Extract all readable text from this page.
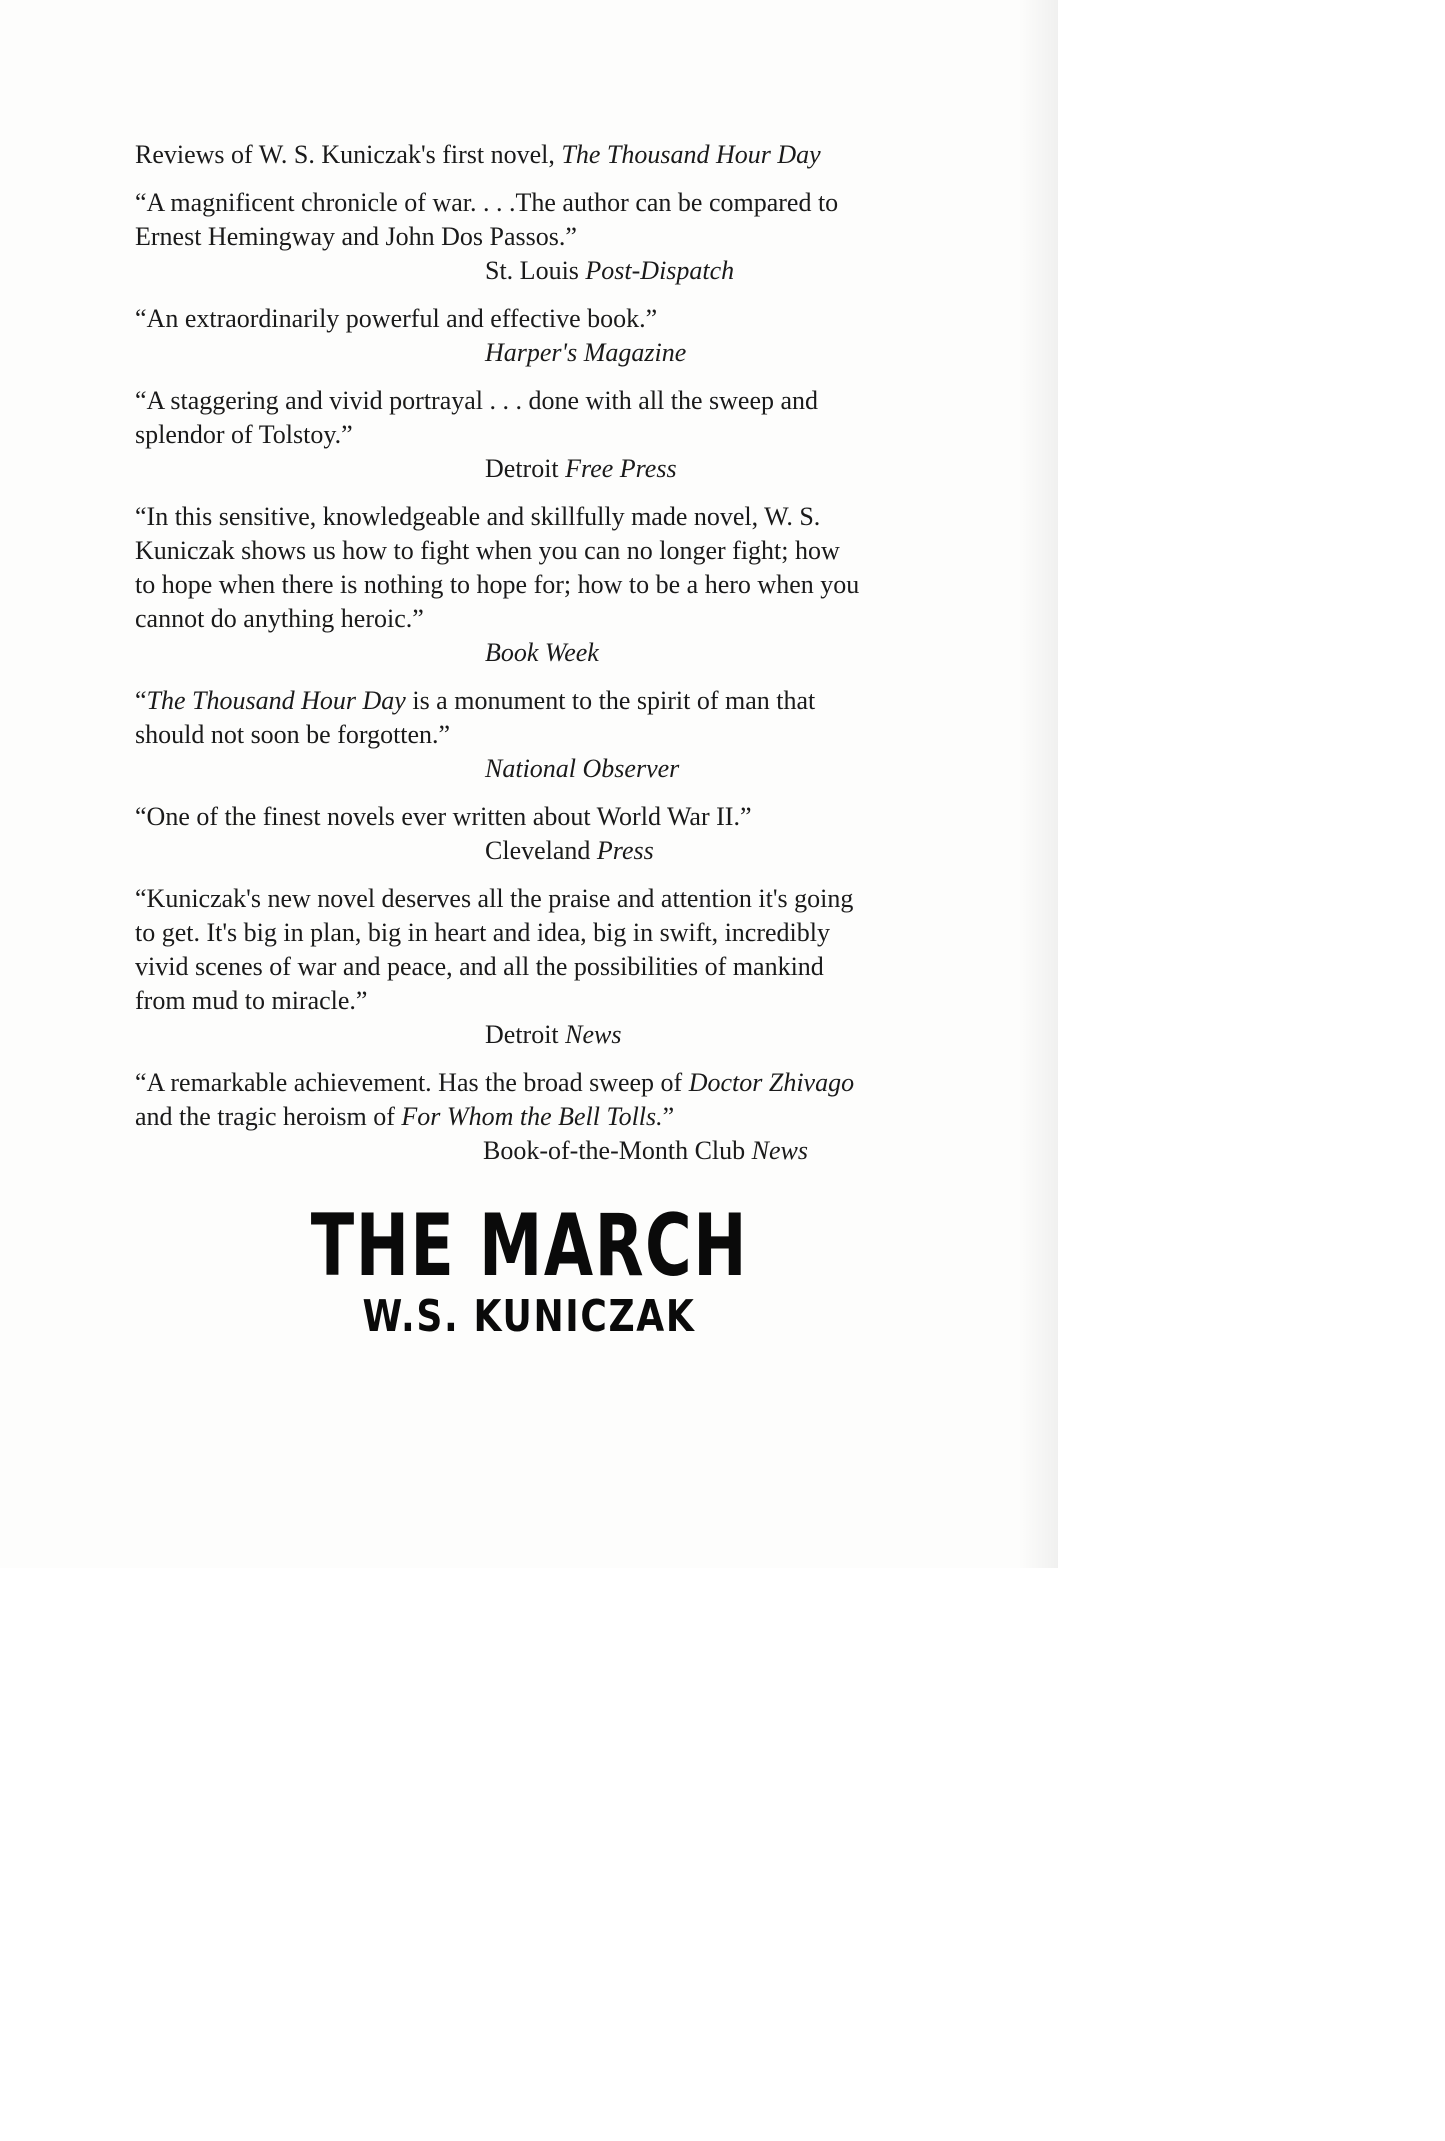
Reviews of W. S. Kuniczak's first novel, The Thousand Hour Day

“A magnificent chronicle of war. . . .The author can be compared to Ernest Hemingway and John Dos Passos.”
St. Louis Post-Dispatch
“An extraordinarily powerful and effective book.”
Harper's Magazine
“A staggering and vivid portrayal . . . done with all the sweep and splendor of Tolstoy.”
Detroit Free Press
“In this sensitive, knowledgeable and skillfully made novel, W. S. Kuniczak shows us how to fight when you can no longer fight; how to hope when there is nothing to hope for; how to be a hero when you cannot do anything heroic.”
Book Week
“The Thousand Hour Day is a monument to the spirit of man that should not soon be forgotten.”
National Observer
“One of the finest novels ever written about World War II.”
Cleveland Press
“Kuniczak's new novel deserves all the praise and attention it's going to get. It's big in plan, big in heart and idea, big in swift, incredibly vivid scenes of war and peace, and all the possibilities of mankind from mud to miracle.”
Detroit News
“A remarkable achievement. Has the broad sweep of Doctor Zhivago and the tragic heroism of For Whom the Bell Tolls.”
Book-of-the-Month Club News
THE MARCH
W.S. KUNICZAK
